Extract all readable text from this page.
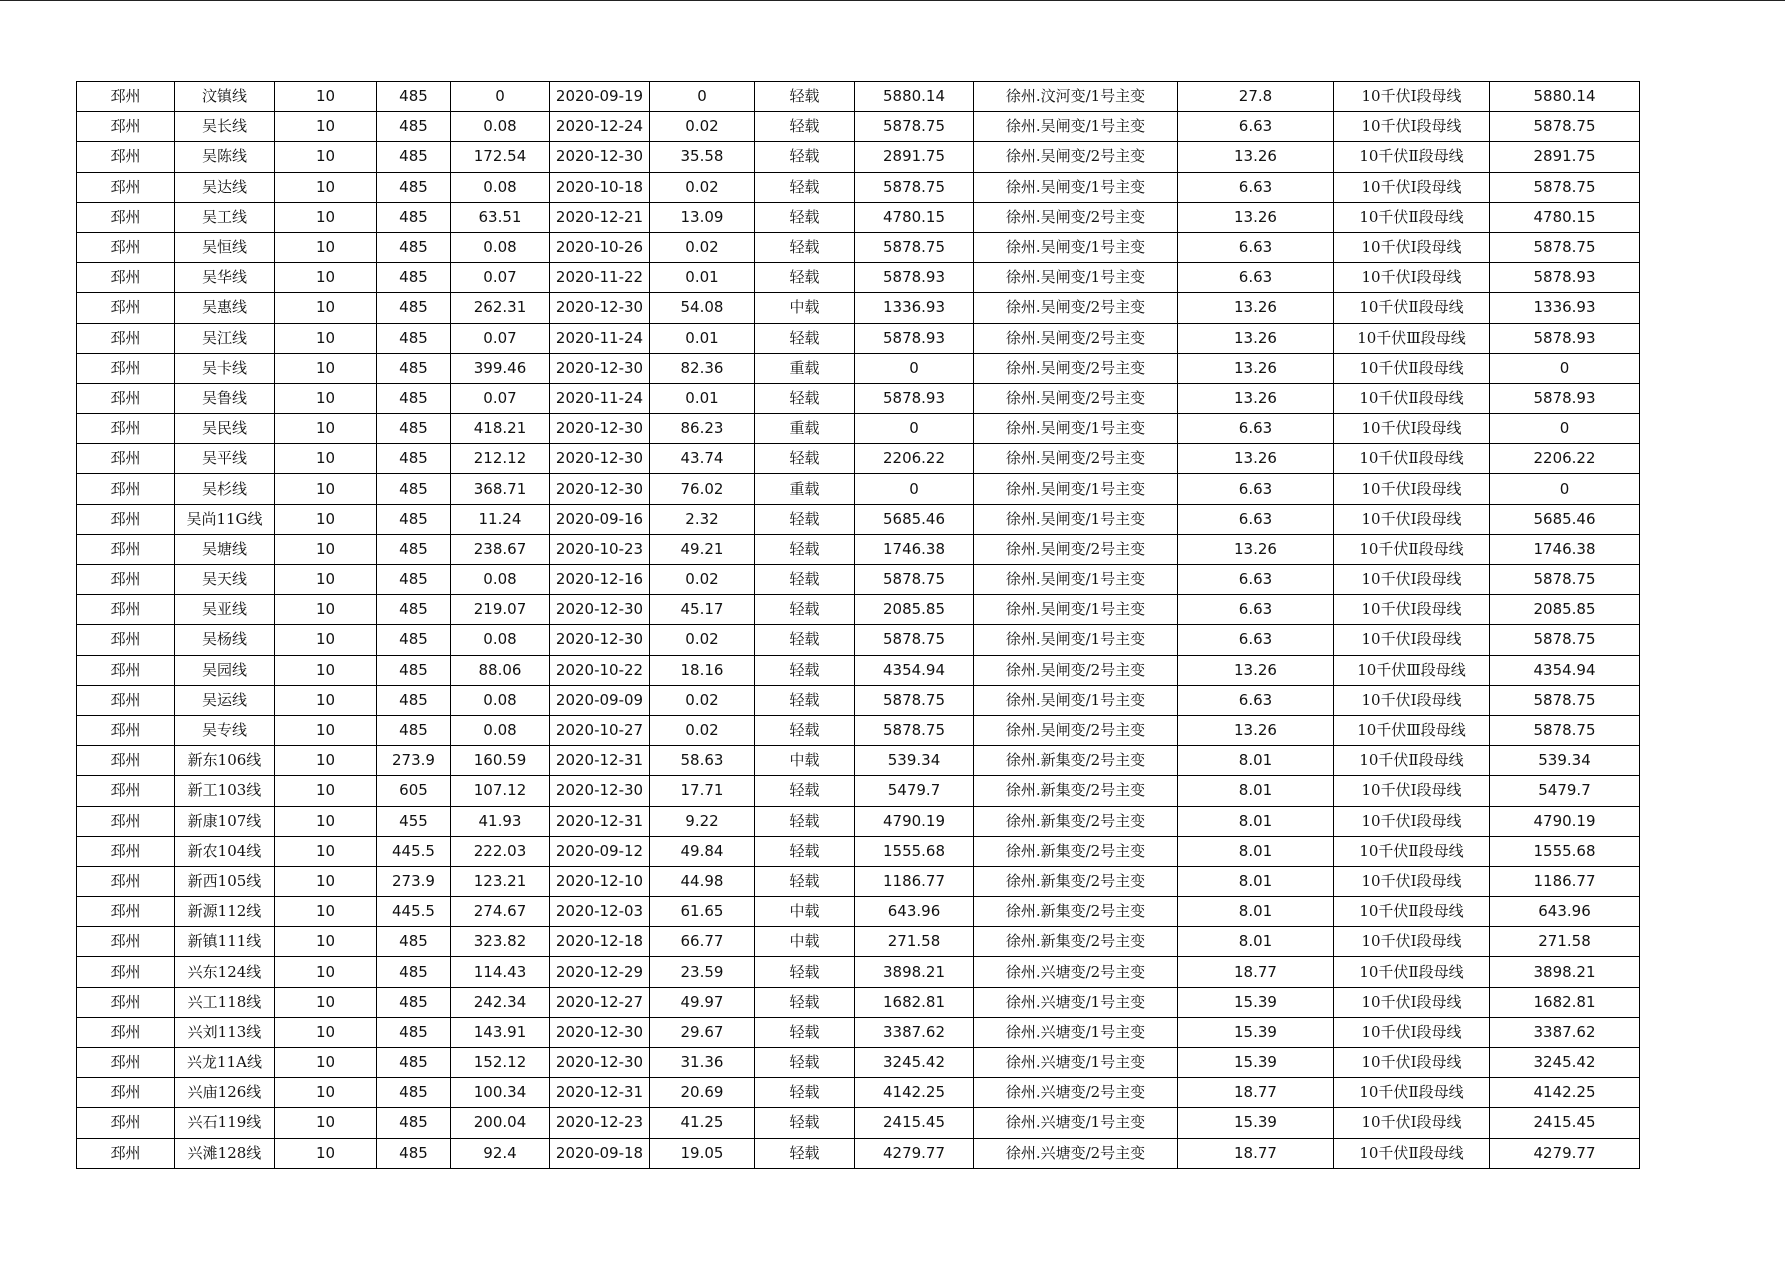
邳州	汶镇线	10	485	0	2020-09-19	0	轻载	5880.14	徐州.汶河变/1号主变	27.8	10千伏Ⅰ段母线	5880.14
邳州	吴长线	10	485	0.08	2020-12-24	0.02	轻载	5878.75	徐州.吴闸变/1号主变	6.63	10千伏Ⅰ段母线	5878.75
邳州	吴陈线	10	485	172.54	2020-12-30	35.58	轻载	2891.75	徐州.吴闸变/2号主变	13.26	10千伏Ⅱ段母线	2891.75
邳州	吴达线	10	485	0.08	2020-10-18	0.02	轻载	5878.75	徐州.吴闸变/1号主变	6.63	10千伏Ⅰ段母线	5878.75
邳州	吴工线	10	485	63.51	2020-12-21	13.09	轻载	4780.15	徐州.吴闸变/2号主变	13.26	10千伏Ⅱ段母线	4780.15
邳州	吴恒线	10	485	0.08	2020-10-26	0.02	轻载	5878.75	徐州.吴闸变/1号主变	6.63	10千伏Ⅰ段母线	5878.75
邳州	吴华线	10	485	0.07	2020-11-22	0.01	轻载	5878.93	徐州.吴闸变/1号主变	6.63	10千伏Ⅰ段母线	5878.93
邳州	吴惠线	10	485	262.31	2020-12-30	54.08	中载	1336.93	徐州.吴闸变/2号主变	13.26	10千伏Ⅱ段母线	1336.93
邳州	吴江线	10	485	0.07	2020-11-24	0.01	轻载	5878.93	徐州.吴闸变/2号主变	13.26	10千伏Ⅲ段母线	5878.93
邳州	吴卡线	10	485	399.46	2020-12-30	82.36	重载	0	徐州.吴闸变/2号主变	13.26	10千伏Ⅱ段母线	0
邳州	吴鲁线	10	485	0.07	2020-11-24	0.01	轻载	5878.93	徐州.吴闸变/2号主变	13.26	10千伏Ⅱ段母线	5878.93
邳州	吴民线	10	485	418.21	2020-12-30	86.23	重载	0	徐州.吴闸变/1号主变	6.63	10千伏Ⅰ段母线	0
邳州	吴平线	10	485	212.12	2020-12-30	43.74	轻载	2206.22	徐州.吴闸变/2号主变	13.26	10千伏Ⅱ段母线	2206.22
邳州	吴杉线	10	485	368.71	2020-12-30	76.02	重载	0	徐州.吴闸变/1号主变	6.63	10千伏Ⅰ段母线	0
邳州	吴尚11G线	10	485	11.24	2020-09-16	2.32	轻载	5685.46	徐州.吴闸变/1号主变	6.63	10千伏Ⅰ段母线	5685.46
邳州	吴塘线	10	485	238.67	2020-10-23	49.21	轻载	1746.38	徐州.吴闸变/2号主变	13.26	10千伏Ⅱ段母线	1746.38
邳州	吴天线	10	485	0.08	2020-12-16	0.02	轻载	5878.75	徐州.吴闸变/1号主变	6.63	10千伏Ⅰ段母线	5878.75
邳州	吴亚线	10	485	219.07	2020-12-30	45.17	轻载	2085.85	徐州.吴闸变/1号主变	6.63	10千伏Ⅰ段母线	2085.85
邳州	吴杨线	10	485	0.08	2020-12-30	0.02	轻载	5878.75	徐州.吴闸变/1号主变	6.63	10千伏Ⅰ段母线	5878.75
邳州	吴园线	10	485	88.06	2020-10-22	18.16	轻载	4354.94	徐州.吴闸变/2号主变	13.26	10千伏Ⅲ段母线	4354.94
邳州	吴运线	10	485	0.08	2020-09-09	0.02	轻载	5878.75	徐州.吴闸变/1号主变	6.63	10千伏Ⅰ段母线	5878.75
邳州	吴专线	10	485	0.08	2020-10-27	0.02	轻载	5878.75	徐州.吴闸变/2号主变	13.26	10千伏Ⅲ段母线	5878.75
邳州	新东106线	10	273.9	160.59	2020-12-31	58.63	中载	539.34	徐州.新集变/2号主变	8.01	10千伏Ⅱ段母线	539.34
邳州	新工103线	10	605	107.12	2020-12-30	17.71	轻载	5479.7	徐州.新集变/2号主变	8.01	10千伏Ⅰ段母线	5479.7
邳州	新康107线	10	455	41.93	2020-12-31	9.22	轻载	4790.19	徐州.新集变/2号主变	8.01	10千伏Ⅰ段母线	4790.19
邳州	新农104线	10	445.5	222.03	2020-09-12	49.84	轻载	1555.68	徐州.新集变/2号主变	8.01	10千伏Ⅱ段母线	1555.68
邳州	新西105线	10	273.9	123.21	2020-12-10	44.98	轻载	1186.77	徐州.新集变/2号主变	8.01	10千伏Ⅰ段母线	1186.77
邳州	新源112线	10	445.5	274.67	2020-12-03	61.65	中载	643.96	徐州.新集变/2号主变	8.01	10千伏Ⅱ段母线	643.96
邳州	新镇111线	10	485	323.82	2020-12-18	66.77	中载	271.58	徐州.新集变/2号主变	8.01	10千伏Ⅰ段母线	271.58
邳州	兴东124线	10	485	114.43	2020-12-29	23.59	轻载	3898.21	徐州.兴塘变/2号主变	18.77	10千伏Ⅱ段母线	3898.21
邳州	兴工118线	10	485	242.34	2020-12-27	49.97	轻载	1682.81	徐州.兴塘变/1号主变	15.39	10千伏Ⅰ段母线	1682.81
邳州	兴刘113线	10	485	143.91	2020-12-30	29.67	轻载	3387.62	徐州.兴塘变/1号主变	15.39	10千伏Ⅰ段母线	3387.62
邳州	兴龙11A线	10	485	152.12	2020-12-30	31.36	轻载	3245.42	徐州.兴塘变/1号主变	15.39	10千伏Ⅰ段母线	3245.42
邳州	兴庙126线	10	485	100.34	2020-12-31	20.69	轻载	4142.25	徐州.兴塘变/2号主变	18.77	10千伏Ⅱ段母线	4142.25
邳州	兴石119线	10	485	200.04	2020-12-23	41.25	轻载	2415.45	徐州.兴塘变/1号主变	15.39	10千伏Ⅰ段母线	2415.45
邳州	兴滩128线	10	485	92.4	2020-09-18	19.05	轻载	4279.77	徐州.兴塘变/2号主变	18.77	10千伏Ⅱ段母线	4279.77
